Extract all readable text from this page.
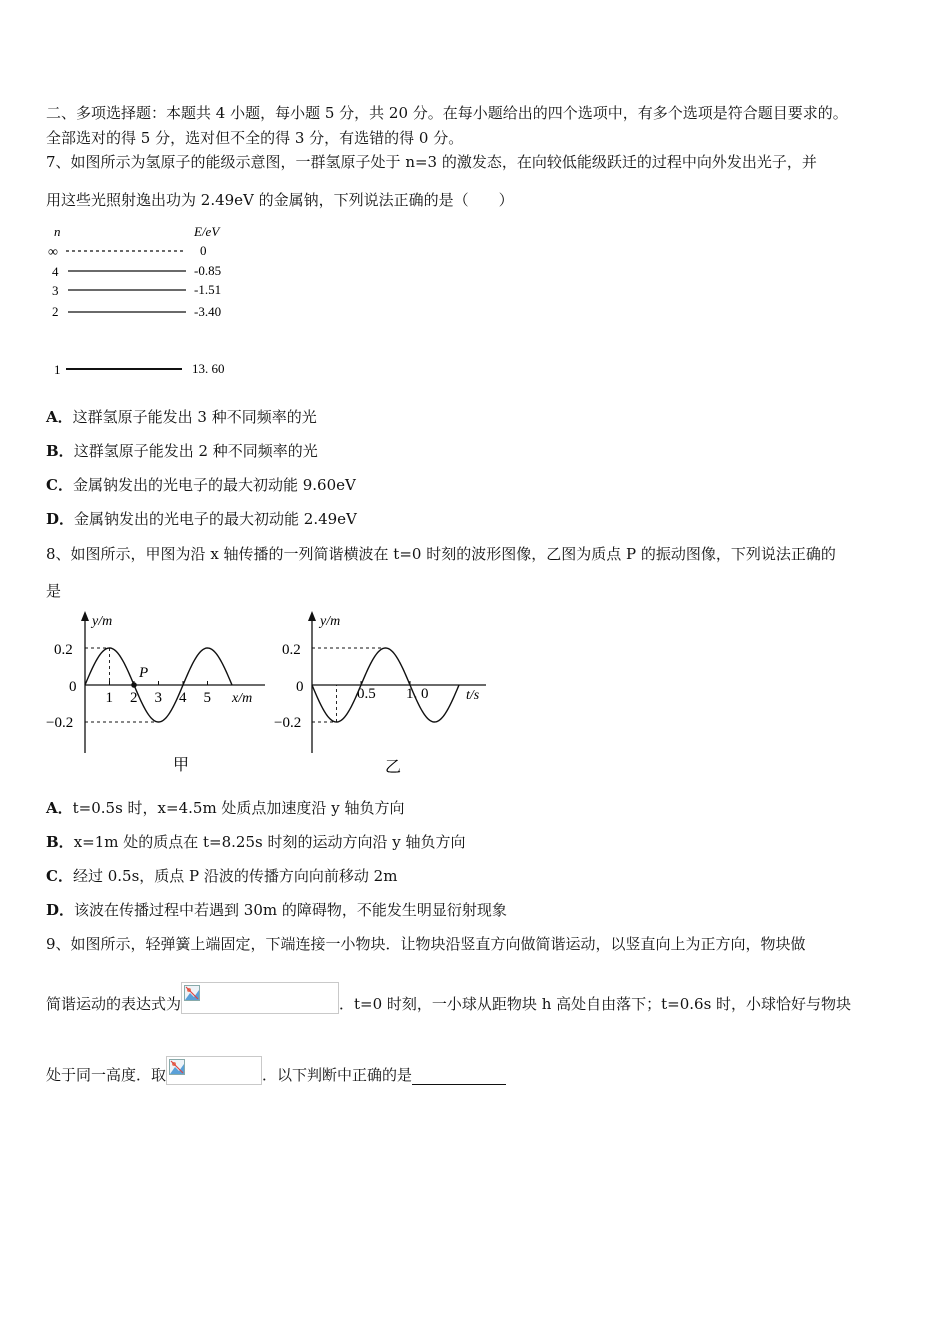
二、多项选择题：本题共 4 小题，每小题 5 分，共 20 分。在每小题给出的四个选项中，有多个选项是符合题目要求的。
全部选对的得 5 分，选对但不全的得 3 分，有选错的得 0 分。
7、如图所示为氢原子的能级示意图，一群氢原子处于 n=3 的激发态，在向较低能级跃迁的过程中向外发出光子，并
用这些光照射逸出功为 2.49eV 的金属钠，下列说法正确的是（　　）
n	E/eV
∞	0
4	-0.85
3	-1.51
2	-3.40
1	13. 60
A．这群氢原子能发出 3 种不同频率的光
B．这群氢原子能发出 2 种不同频率的光
C．金属钠发出的光电子的最大初动能 9.60eV
D．金属钠发出的光电子的最大初动能 2.49eV
8、如图所示，甲图为沿 x 轴传播的一列简谐横波在 t=0 时刻的波形图像，乙图为质点 P 的振动图像，下列说法正确的
是
y/m
x/m
0.2
0
−0.2
1 2 3 4 5
P
甲
y/m
t/s
0.2
0
−0.2
0.5 1. 0
乙
A．t=0.5s 时，x=4.5m 处质点加速度沿 y 轴负方向
B．x=1m 处的质点在 t=8.25s 时刻的运动方向沿 y 轴负方向
C．经过 0.5s，质点 P 沿波的传播方向向前移动 2m
D．该波在传播过程中若遇到 30m 的障碍物，不能发生明显衍射现象
9、如图所示，轻弹簧上端固定，下端连接一小物块．让物块沿竖直方向做简谐运动，以竖直向上为正方向，物块做
简谐运动的表达式为	．t=0 时刻，一小球从距物块 h 高处自由落下；t=0.6s 时，小球恰好与物块
处于同一高度．取	．以下判断中正确的是
